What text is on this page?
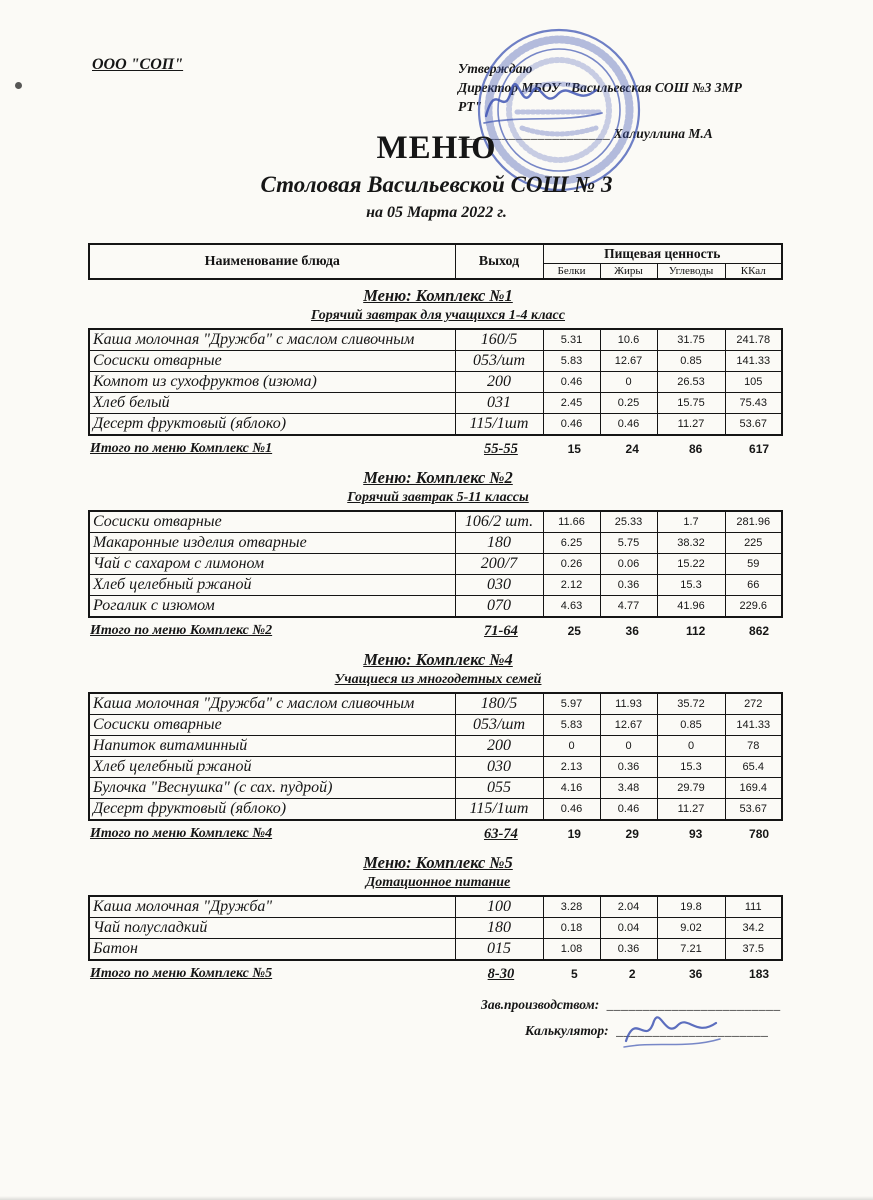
ООО "СОП"	Утверждаю
Директор МБОУ "Васильевская СОШ №3 ЗМР
РТ"
_____________________ Халиуллина М.А
МЕНЮ
Столовая Васильевской СОШ № 3
на 05 Марта 2022 г.
Наименование блюда	Выход	Пищевая ценность			
		Белки	Жиры	Углеводы	ККал
Меню: Комплекс №1
Горячий завтрак для учащихся 1-4 класс
Каша молочная "Дружба" с маслом сливочным	160/5	5.31	10.6	31.75	241.78
Сосиски отварные	053/шт	5.83	12.67	0.85	141.33
Компот из сухофруктов (изюма)	200	0.46	0	26.53	105
Хлеб белый	031	2.45	0.25	15.75	75.43
Десерт фруктовый (яблоко)	115/1шт	0.46	0.46	11.27	53.67
Итого по меню Комплекс №1	55-55	15	24	86	617
Меню: Комплекс №2
Горячий завтрак 5-11 классы
Сосиски отварные	106/2 шт.	11.66	25.33	1.7	281.96
Макаронные изделия отварные	180	6.25	5.75	38.32	225
Чай с сахаром с лимоном	200/7	0.26	0.06	15.22	59
Хлеб целебный ржаной	030	2.12	0.36	15.3	66
Рогалик с изюмом	070	4.63	4.77	41.96	229.6
Итого по меню Комплекс №2	71-64	25	36	112	862
Меню: Комплекс №4
Учащиеся из многодетных семей
Каша молочная "Дружба" с маслом сливочным	180/5	5.97	11.93	35.72	272
Сосиски отварные	053/шт	5.83	12.67	0.85	141.33
Напиток витаминный	200	0	0	0	78
Хлеб целебный ржаной	030	2.13	0.36	15.3	65.4
Булочка "Веснушка" (с сах. пудрой)	055	4.16	3.48	29.79	169.4
Десерт фруктовый (яблоко)	115/1шт	0.46	0.46	11.27	53.67
Итого по меню Комплекс №4	63-74	19	29	93	780
Меню: Комплекс №5
Дотационное питание
Каша молочная "Дружба"	100	3.28	2.04	19.8	111
Чай полусладкий	180	0.18	0.04	9.02	34.2
Батон	015	1.08	0.36	7.21	37.5
Итого по меню Комплекс №5	8-30	5	2	36	183
Зав.производством: ________________________
Калькулятор: _____________________
